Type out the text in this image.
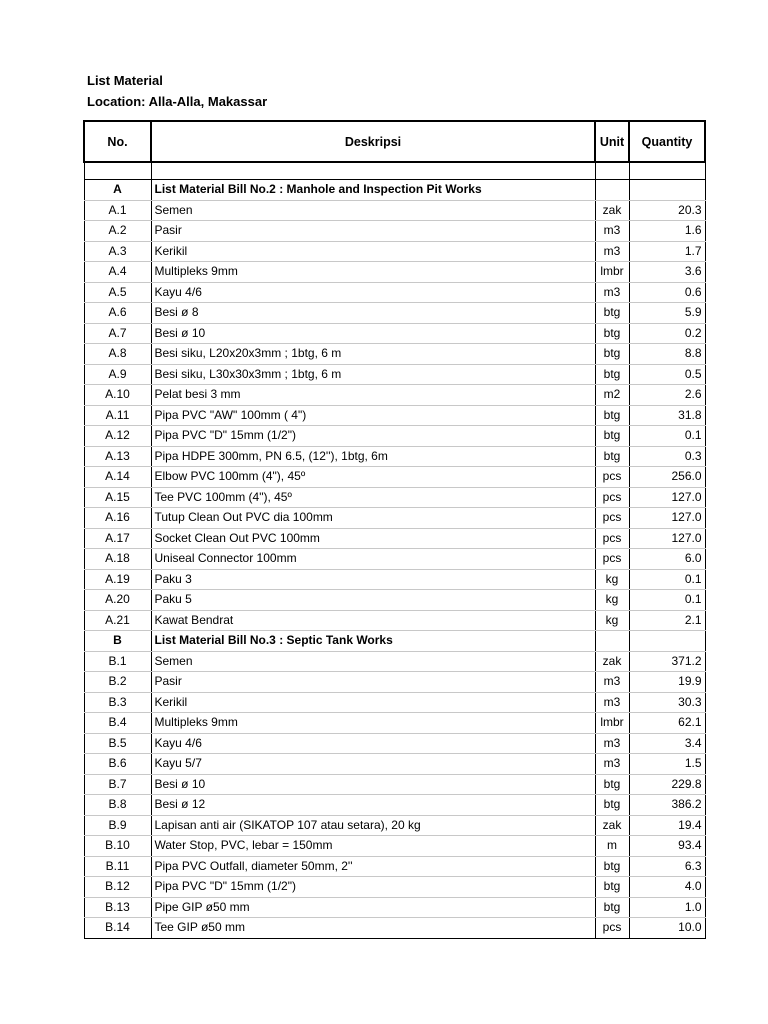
List Material
Location: Alla-Alla, Makassar
No.	Deskripsi	Unit	Quantity

A	List Material Bill No.2 : Manhole and Inspection Pit Works		
A.1	Semen	zak	20.3
A.2	Pasir	m3	1.6
A.3	Kerikil	m3	1.7
A.4	Multipleks 9mm	lmbr	3.6
A.5	Kayu 4/6	m3	0.6
A.6	Besi ø 8	btg	5.9
A.7	Besi ø 10	btg	0.2
A.8	Besi siku, L20x20x3mm ; 1btg, 6 m	btg	8.8
A.9	Besi siku, L30x30x3mm ; 1btg, 6 m	btg	0.5
A.10	Pelat besi 3 mm	m2	2.6
A.11	Pipa PVC "AW" 100mm ( 4")	btg	31.8
A.12	Pipa PVC "D" 15mm (1/2")	btg	0.1
A.13	Pipa HDPE 300mm, PN 6.5, (12''), 1btg, 6m	btg	0.3
A.14	Elbow PVC 100mm (4"), 45º	pcs	256.0
A.15	Tee PVC 100mm (4"), 45º	pcs	127.0
A.16	Tutup Clean Out PVC dia 100mm	pcs	127.0
A.17	Socket Clean Out PVC 100mm	pcs	127.0
A.18	Uniseal Connector 100mm	pcs	6.0
A.19	Paku 3	kg	0.1
A.20	Paku 5	kg	0.1
A.21	Kawat Bendrat	kg	2.1
B	List Material Bill No.3 : Septic Tank Works		
B.1	Semen	zak	371.2
B.2	Pasir	m3	19.9
B.3	Kerikil	m3	30.3
B.4	Multipleks 9mm	lmbr	62.1
B.5	Kayu 4/6	m3	3.4
B.6	Kayu 5/7	m3	1.5
B.7	Besi ø 10	btg	229.8
B.8	Besi ø 12	btg	386.2
B.9	Lapisan anti air (SIKATOP 107 atau setara), 20 kg	zak	19.4
B.10	Water Stop, PVC, lebar = 150mm	m	93.4
B.11	Pipa PVC Outfall, diameter 50mm, 2''	btg	6.3
B.12	Pipa PVC "D" 15mm (1/2")	btg	4.0
B.13	Pipe GIP ø50 mm	btg	1.0
B.14	Tee GIP ø50 mm	pcs	10.0
